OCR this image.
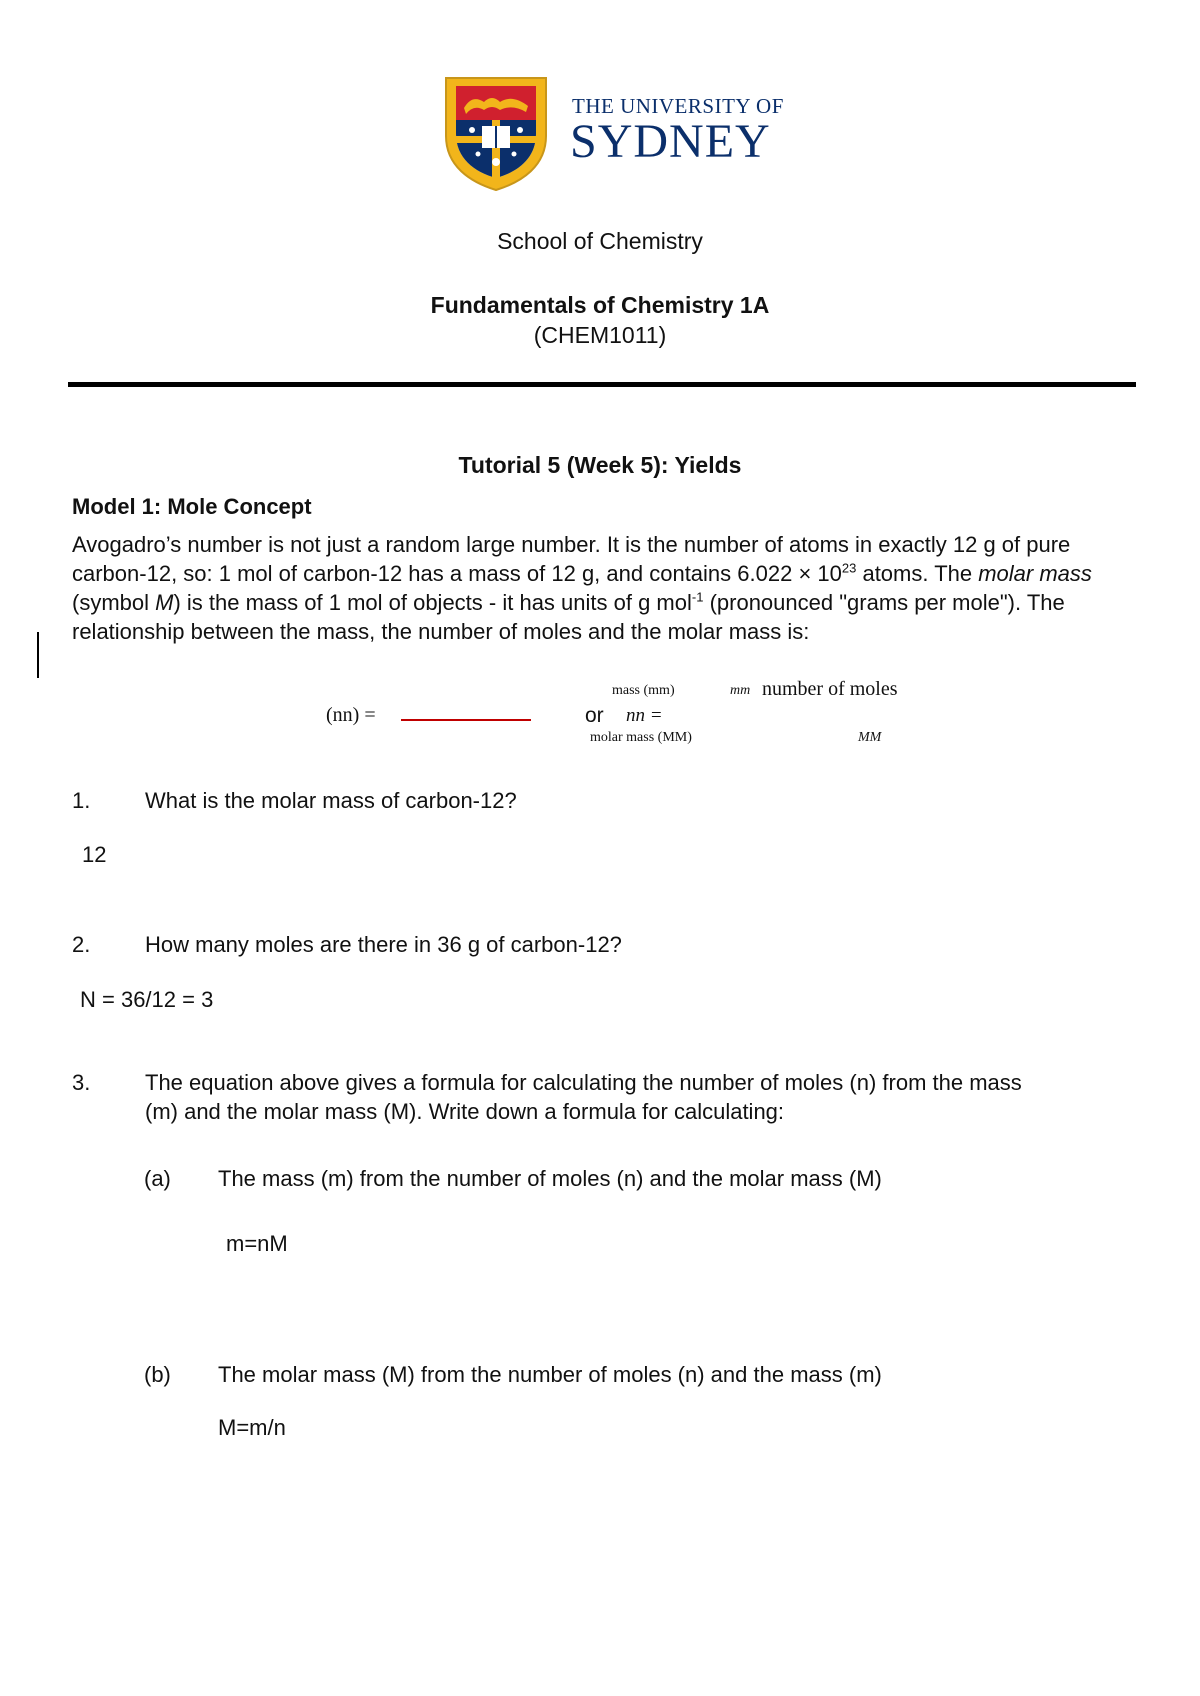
THE UNIVERSITY OF
SYDNEY
School of Chemistry
Fundamentals of Chemistry 1A
(CHEM1011)
Tutorial 5 (Week 5): Yields
Model 1: Mole Concept
Avogadro’s number is not just a random large number. It is the number of atoms in exactly 12 g of pure carbon-12, so: 1 mol of carbon-12 has a mass of 12 g, and contains $6.022 \times 10^{23}$ atoms. The molar mass (symbol M) is the mass of 1 mol of objects - it has units of g mol$^{-1}$ (pronounced "grams per mole"). The relationship between the mass, the number of moles and the molar mass is:
mass (mm)	mm number of moles
(nn) =	or nn =
molar mass (MM)	MM
1. What is the molar mass of carbon-12?
12
2. How many moles are there in 36 g of carbon-12?
N = 36/12 = 3
3. The equation above gives a formula for calculating the number of moles (n) from the mass
(m) and the molar mass (M). Write down a formula for calculating:
(a) The mass (m) from the number of moles (n) and the molar mass (M)
m=nM
(b) The molar mass (M) from the number of moles (n) and the mass (m)
M=m/n
